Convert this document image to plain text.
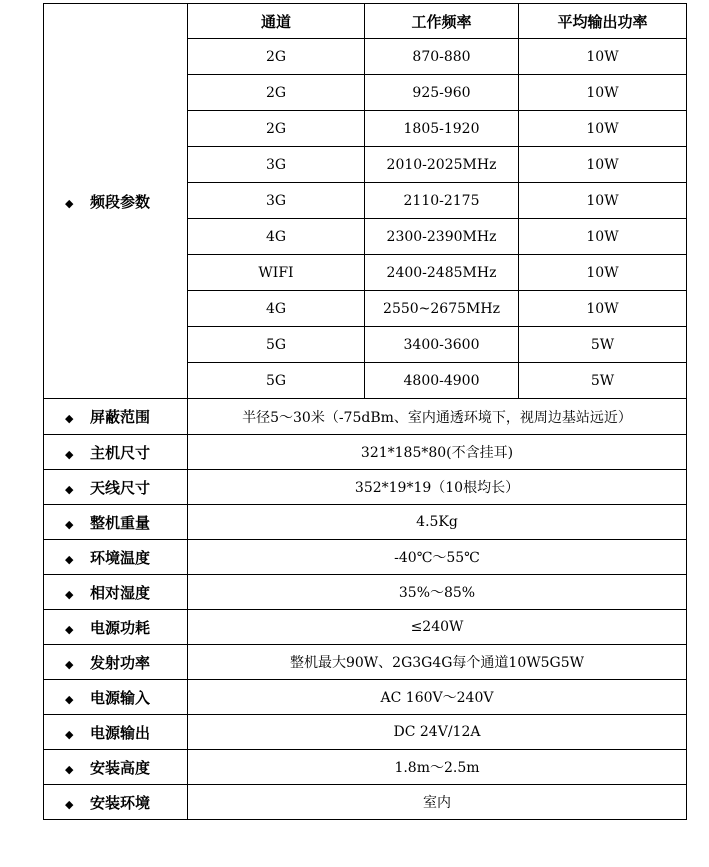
◆ 频段参数	通道	工作频率	平均输出功率
	2G	870-880	10W
	2G	925-960	10W
	2G	1805-1920	10W
	3G	2010-2025MHz	10W
	3G	2110-2175	10W
	4G	2300-2390MHz	10W
	WIFI	2400-2485MHz	10W
	4G	2550~2675MHz	10W
	5G	3400-3600	5W
	5G	4800-4900	5W
◆ 屏蔽范围	半径5～30米（-75dBm、室内通透环境下，视周边基站远近）		
◆ 主机尺寸	321*185*80(不含挂耳)		
◆ 天线尺寸	352*19*19（10根均长）		
◆ 整机重量	4.5Kg		
◆ 环境温度	-40℃～55℃		
◆ 相对湿度	35%～85%		
◆ 电源功耗	≤240W		
◆ 发射功率	整机最大90W、2G3G4G每个通道10W5G5W		
◆ 电源输入	AC 160V～240V		
◆ 电源输出	DC 24V/12A		
◆ 安装高度	1.8m～2.5m		
◆ 安装环境	室内		
